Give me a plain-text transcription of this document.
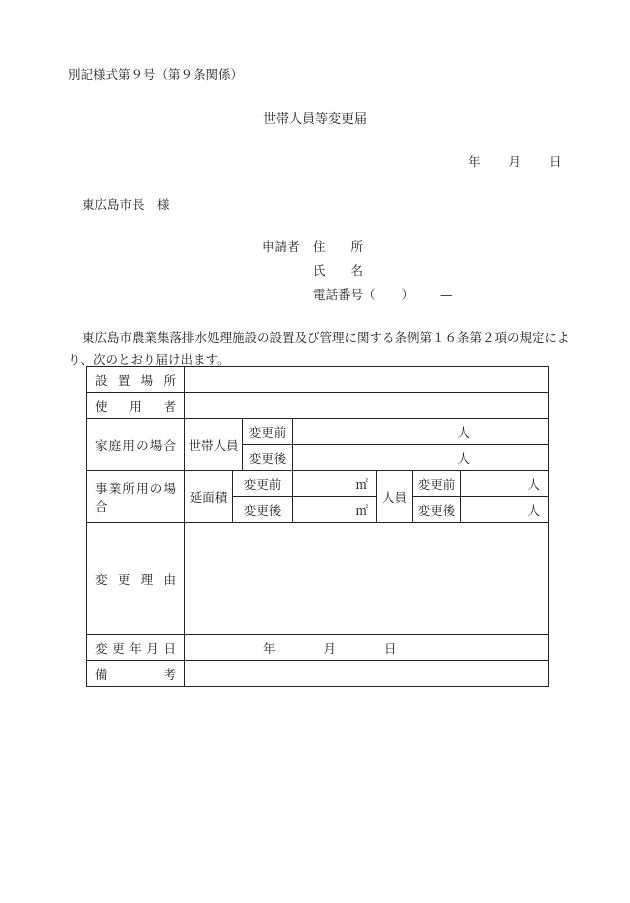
別記様式第９号（第９条関係）
世帯人員等変更届
年 月 日
東広島市長　様
申請者 住　　所
氏　　名
電話番号（ ） —
東広島市農業集落排水処理施設の設置及び管理に関する条例第１６条第２項の規定により、次のとおり届け出ます。
設置場所							
使用者							
家庭用の場合	世帯人員		変更前	人			
			変更後	人			
事業所用の場合	延面積	変更前		㎡	人員	変更前	人
		変更後		㎡		変更後	人
変更理由							
変更年月日	年 月 日						
備考							
